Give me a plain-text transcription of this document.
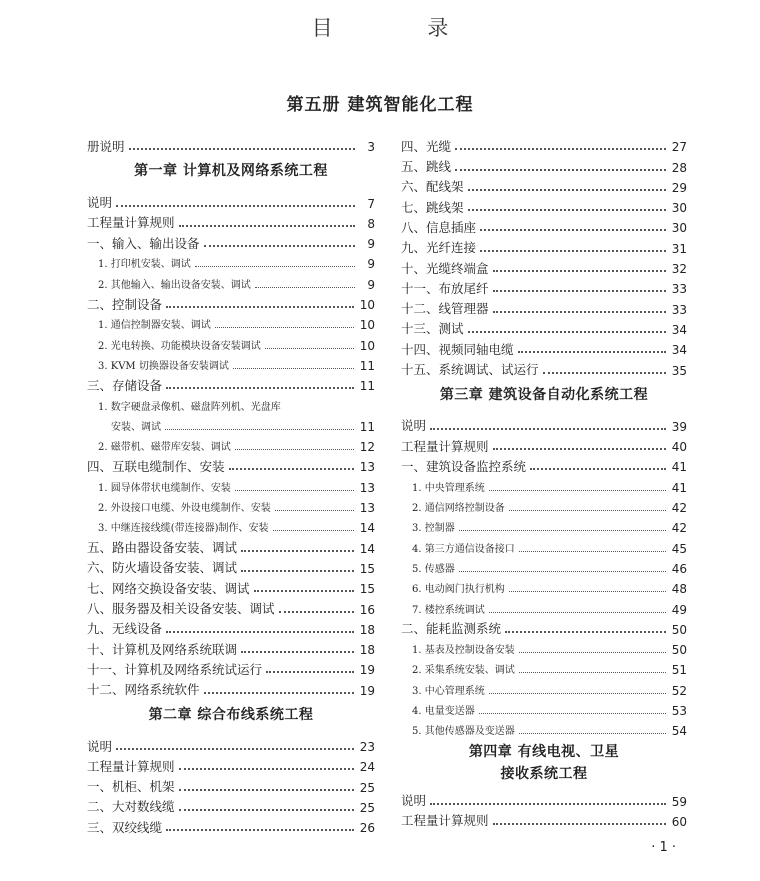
目 录
第五册 建筑智能化工程
册说明	3
第一章 计算机及网络系统工程
说明	7
工程量计算规则	8
一、输入、输出设备	9
1. 打印机安装、调试	9
2. 其他输入、输出设备安装、调试	9
二、控制设备	10
1. 通信控制器安装、调试	10
2. 光电转换、功能模块设备安装调试	10
3. KVM 切换器设备安装调试	11
三、存储设备	11
1. 数字硬盘录像机、磁盘阵列机、光盘库
安装、调试	11
2. 磁带机、磁带库安装、调试	12
四、互联电缆制作、安装	13
1. 圆导体带状电缆制作、安装	13
2. 外设接口电缆、外设电缆制作、安装	13
3. 中继连接线缆(带连接器)制作、安装	14
五、路由器设备安装、调试	14
六、防火墙设备安装、调试	15
七、网络交换设备安装、调试	15
八、服务器及相关设备安装、调试	16
九、无线设备	18
十、计算机及网络系统联调	18
十一、计算机及网络系统试运行	19
十二、网络系统软件	19
第二章 综合布线系统工程
说明	23
工程量计算规则	24
一、机柜、机架	25
二、大对数线缆	25
三、双绞线缆	26
四、光缆	27
五、跳线	28
六、配线架	29
七、跳线架	30
八、信息插座	30
九、光纤连接	31
十、光缆终端盒	32
十一、布放尾纤	33
十二、线管理器	33
十三、测试	34
十四、视频同轴电缆	34
十五、系统调试、试运行	35
第三章 建筑设备自动化系统工程
说明	39
工程量计算规则	40
一、建筑设备监控系统	41
1. 中央管理系统	41
2. 通信网络控制设备	42
3. 控制器	42
4. 第三方通信设备接口	45
5. 传感器	46
6. 电动阀门执行机构	48
7. 楼控系统调试	49
二、能耗监测系统	50
1. 基表及控制设备安装	50
2. 采集系统安装、调试	51
3. 中心管理系统	52
4. 电量变送器	53
5. 其他传感器及变送器	54
第四章 有线电视、卫星
接收系统工程
说明	59
工程量计算规则	60
· 1 ·
